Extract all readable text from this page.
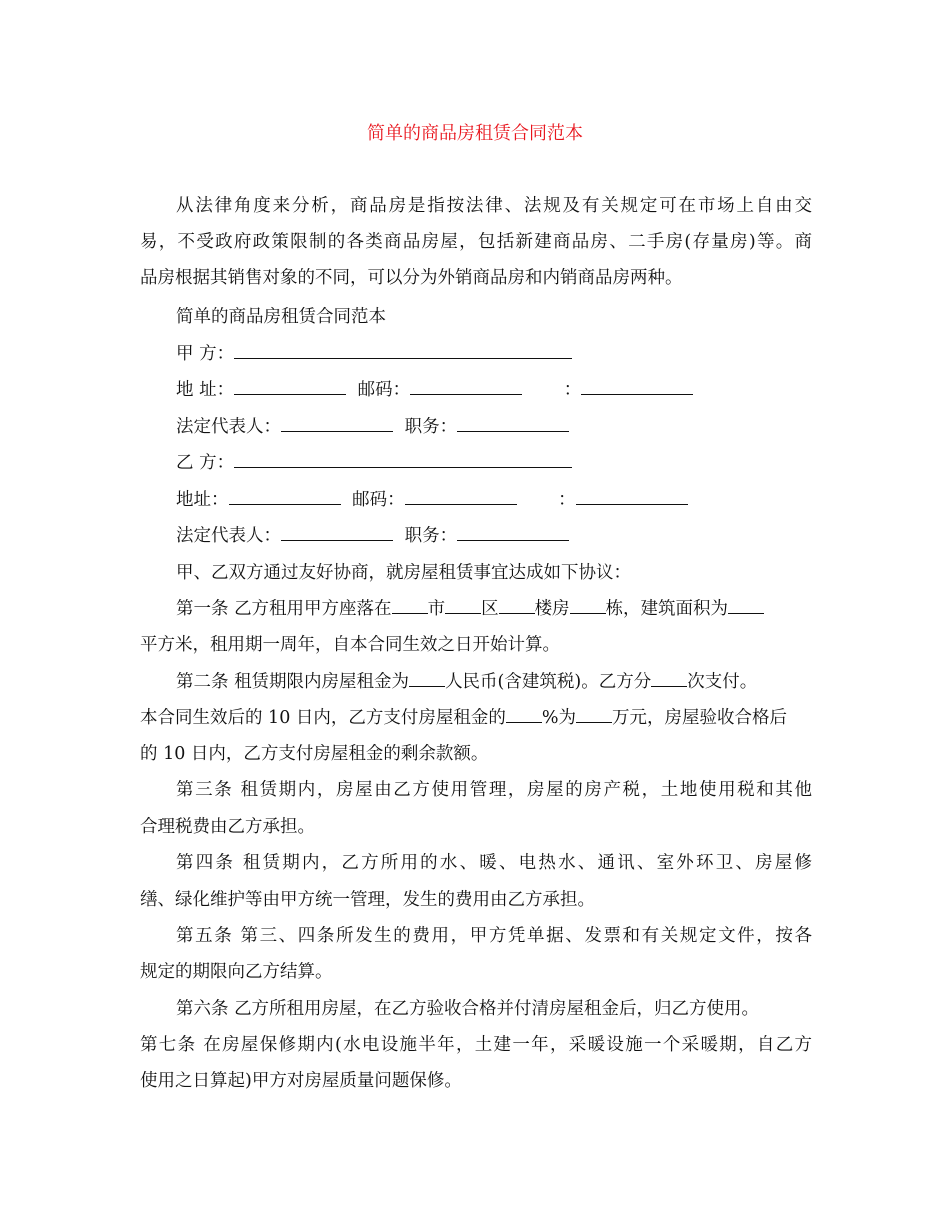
简单的商品房租赁合同范本
从法律角度来分析，商品房是指按法律、法规及有关规定可在市场上自由交
易，不受政府政策限制的各类商品房屋，包括新建商品房、二手房(存量房)等。商
品房根据其销售对象的不同，可以分为外销商品房和内销商品房两种。
简单的商品房租赁合同范本
甲 方：
地 址：	邮码：	：
法定代表人：	职务：
乙 方：
地址：	邮码：	：
法定代表人：	职务：
甲、乙双方通过友好协商，就房屋租赁事宜达成如下协议：
第一条 乙方租用甲方座落在 市 区 楼房 栋，建筑面积为
平方米，租用期一周年，自本合同生效之日开始计算。
第二条 租赁期限内房屋租金为 人民币(含建筑税)。乙方分 次支付。
本合同生效后的 10 日内，乙方支付房屋租金的 %为 万元，房屋验收合格后
的 10 日内，乙方支付房屋租金的剩余款额。
第三条 租赁期内，房屋由乙方使用管理，房屋的房产税，土地使用税和其他
合理税费由乙方承担。
第四条 租赁期内，乙方所用的水、暖、电热水、通讯、室外环卫、房屋修
缮、绿化维护等由甲方统一管理，发生的费用由乙方承担。
第五条 第三、四条所发生的费用，甲方凭单据、发票和有关规定文件，按各
规定的期限向乙方结算。
第六条 乙方所租用房屋，在乙方验收合格并付清房屋租金后，归乙方使用。
第七条 在房屋保修期内(水电设施半年，土建一年，采暖设施一个采暖期，自乙方
使用之日算起)甲方对房屋质量问题保修。
